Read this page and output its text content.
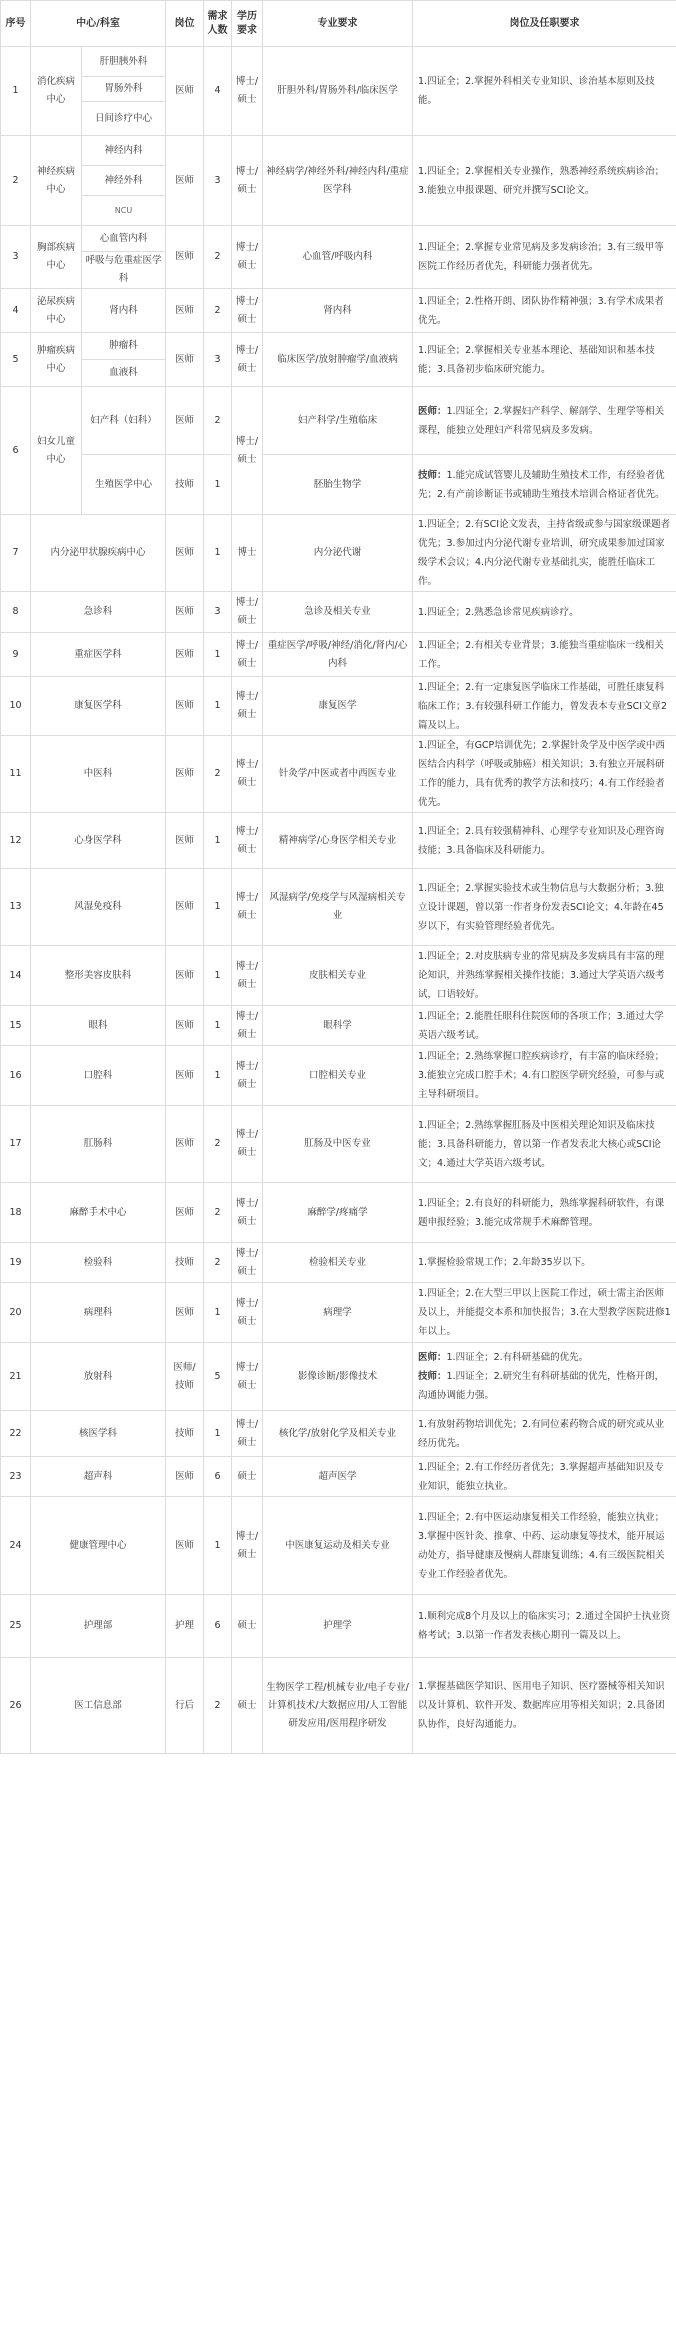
序号	中心/科室		岗位	需求人数	学历要求	专业要求	岗位及任职要求
1	消化疾病中心	肝胆胰外科	医师	4	博士/硕士	肝胆外科/胃肠外科/临床医学	1.四证全；2.掌握外科相关专业知识、诊治基本原则及技能。
		胃肠外科					
		日间诊疗中心					
2	神经疾病中心	神经内科	医师	3	博士/硕士	神经病学/神经外科/神经内科/重症医学科	1.四证全；2.掌握相关专业操作，熟悉神经系统疾病诊治；3.能独立申报课题、研究并撰写SCI论文。
		神经外科					
		NCU					
3	胸部疾病中心	心血管内科	医师	2	博士/硕士	心血管/呼吸内科	1.四证全；2.掌握专业常见病及多发病诊治；3.有三级甲等医院工作经历者优先，科研能力强者优先。
		呼吸与危重症医学科					
4	泌尿疾病中心	肾内科	医师	2	博士/硕士	肾内科	1.四证全；2.性格开朗、团队协作精神强；3.有学术成果者优先。
5	肿瘤疾病中心	肿瘤科	医师	3	博士/硕士	临床医学/放射肿瘤学/血液病	1.四证全；2.掌握相关专业基本理论、基础知识和基本技能；3.具备初步临床研究能力。
		血液科					
6	妇女儿童中心	妇产科（妇科）	医师	2	博士/硕士	妇产科学/生殖临床	医师：1.四证全；2.掌握妇产科学、解剖学、生理学等相关课程，能独立处理妇产科常见病及多发病。
		生殖医学中心	技师	1		胚胎生物学	技师：1.能完成试管婴儿及辅助生殖技术工作，有经验者优先；2.有产前诊断证书或辅助生殖技术培训合格证者优先。
7	内分泌甲状腺疾病中心		医师	1	博士	内分泌代谢	1.四证全；2.有SCI论文发表，主持省级或参与国家级课题者优先；3.参加过内分泌代谢专业培训，研究成果参加过国家级学术会议；4.内分泌代谢专业基础扎实，能胜任临床工作。
8	急诊科		医师	3	博士/硕士	急诊及相关专业	1.四证全；2.熟悉急诊常见疾病诊疗。
9	重症医学科		医师	1	博士/硕士	重症医学/呼吸/神经/消化/肾内/心内科	1.四证全；2.有相关专业背景；3.能独当重症临床一线相关工作。
10	康复医学科		医师	1	博士/硕士	康复医学	1.四证全；2.有一定康复医学临床工作基础，可胜任康复科临床工作；3.有较强科研工作能力，曾发表本专业SCI文章2篇及以上。
11	中医科		医师	2	博士/硕士	针灸学/中医或者中西医专业	1.四证全，有GCP培训优先；2.掌握针灸学及中医学或中西医结合内科学（呼吸或肺癌）相关知识；3.有独立开展科研工作的能力，具有优秀的教学方法和技巧；4.有工作经验者优先。
12	心身医学科		医师	1	博士/硕士	精神病学/心身医学相关专业	1.四证全；2.具有较强精神科、心理学专业知识及心理咨询技能；3.具备临床及科研能力。
13	风湿免疫科		医师	1	博士/硕士	风湿病学/免疫学与风湿病相关专业	1.四证全；2.掌握实验技术或生物信息与大数据分析；3.独立设计课题，曾以第一作者身份发表SCI论文；4.年龄在45岁以下，有实验管理经验者优先。
14	整形美容皮肤科		医师	1	博士/硕士	皮肤相关专业	1.四证全；2.对皮肤病专业的常见病及多发病具有丰富的理论知识，并熟练掌握相关操作技能；3.通过大学英语六级考试，口语较好。
15	眼科		医师	1	博士/硕士	眼科学	1.四证全；2.能胜任眼科住院医师的各项工作；3.通过大学英语六级考试。
16	口腔科		医师	1	博士/硕士	口腔相关专业	1.四证全；2.熟练掌握口腔疾病诊疗，有丰富的临床经验；3.能独立完成口腔手术；4.有口腔医学研究经验，可参与或主导科研项目。
17	肛肠科		医师	2	博士/硕士	肛肠及中医专业	1.四证全；2.熟练掌握肛肠及中医相关理论知识及临床技能；3.具备科研能力，曾以第一作者发表北大核心或SCI论文；4.通过大学英语六级考试。
18	麻醉手术中心		医师	2	博士/硕士	麻醉学/疼痛学	1.四证全；2.有良好的科研能力，熟练掌握科研软件，有课题申报经验；3.能完成常规手术麻醉管理。
19	检验科		技师	2	博士/硕士	检验相关专业	1.掌握检验常规工作；2.年龄35岁以下。
20	病理科		医师	1	博士/硕士	病理学	1.四证全；2.在大型三甲以上医院工作过，硕士需主治医师及以上，并能提交本系和加快报告；3.在大型教学医院进修1年以上。
21	放射科		医师/技师	5	博士/硕士	影像诊断/影像技术	医师：1.四证全；2.有科研基础的优先。
技师：1.四证全；2.研究生有科研基础的优先，性格开朗，沟通协调能力强。

22	核医学科		技师	1	博士/硕士	核化学/放射化学及相关专业	1.有放射药物培训优先；2.有同位素药物合成的研究或从业经历优先。
23	超声科		医师	6	硕士	超声医学	1.四证全；2.有工作经历者优先；3.掌握超声基础知识及专业知识，能独立执业。
24	健康管理中心		医师	1	博士/硕士	中医康复运动及相关专业	1.四证全；2.有中医运动康复相关工作经验，能独立执业；3.掌握中医针灸、推拿、中药、运动康复等技术，能开展运动处方，指导健康及慢病人群康复训练；4.有三级医院相关专业工作经验者优先。
25	护理部		护理	6	硕士	护理学	1.顺利完成8个月及以上的临床实习；2.通过全国护士执业资格考试；3.以第一作者发表核心期刊一篇及以上。
26	医工信息部		行后	2	硕士	生物医学工程/机械专业/电子专业/计算机技术/大数据应用/人工智能研发应用/医用程序研发	1.掌握基础医学知识、医用电子知识、医疗器械等相关知识以及计算机、软件开发、数据库应用等相关知识；2.具备团队协作，良好沟通能力。
